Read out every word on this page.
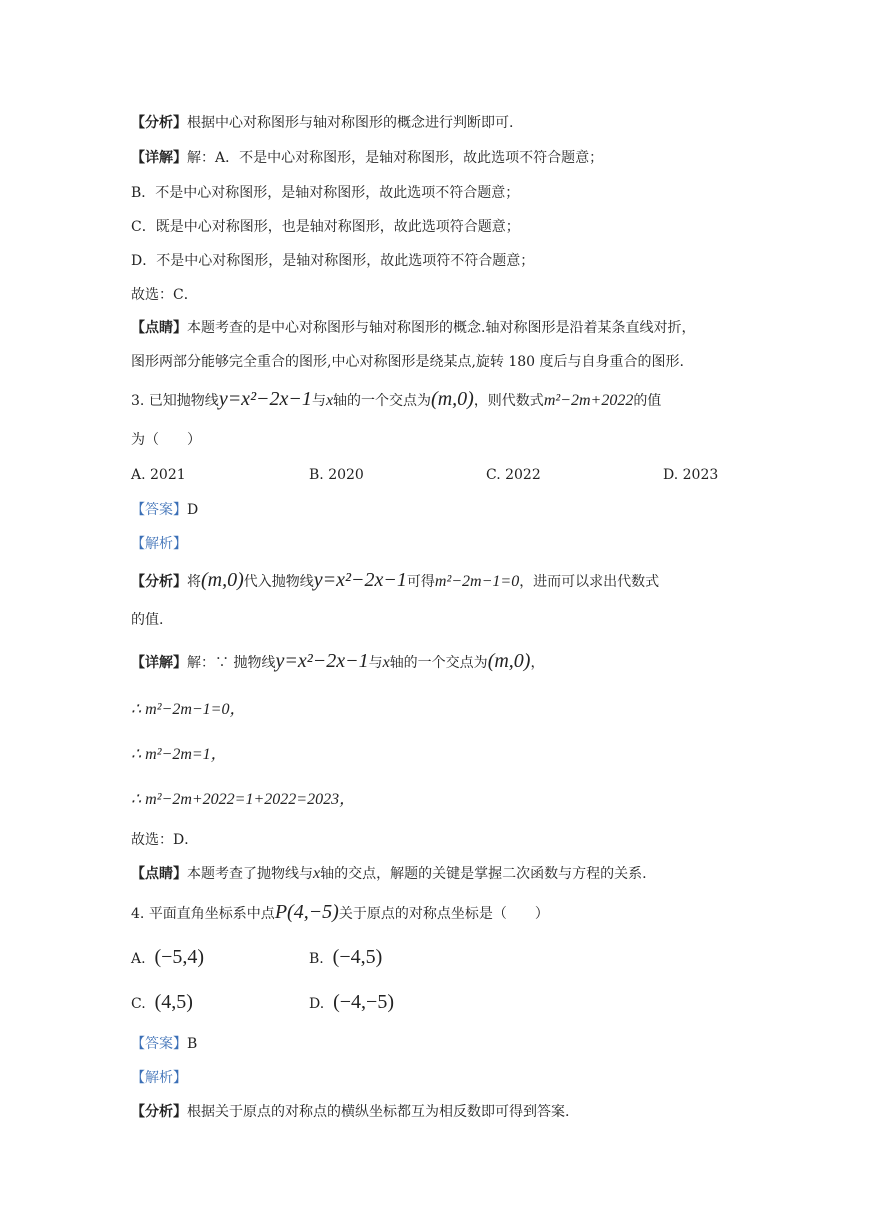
【分析】根据中心对称图形与轴对称图形的概念进行判断即可.
【详解】解：A．不是中心对称图形，是轴对称图形，故此选项不符合题意；
B．不是中心对称图形，是轴对称图形，故此选项不符合题意；
C．既是中心对称图形，也是轴对称图形，故此选项符合题意；
D．不是中心对称图形，是轴对称图形，故此选项符不符合题意；
故选：C．
【点睛】本题考查的是中心对称图形与轴对称图形的概念.轴对称图形是沿着某条直线对折，
图形两部分能够完全重合的图形,中心对称图形是绕某点,旋转 180 度后与自身重合的图形.
3. 已知抛物线y=x²−2x−1与x轴的一个交点为(m,0)，则代数式m²−2m+2022的值
为（　　）
A. 2021	B. 2020	C. 2022	D. 2023
【答案】D
【解析】
【分析】将(m,0)代入抛物线y=x²−2x−1可得m²−2m−1=0，进而可以求出代数式
的值.
【详解】解：∵ 抛物线y=x²−2x−1与x轴的一个交点为(m,0)，
∴ m²−2m−1=0，
∴ m²−2m=1，
∴ m²−2m+2022=1+2022=2023，
故选：D．
【点睛】本题考查了抛物线与x轴的交点，解题的关键是掌握二次函数与方程的关系.
4. 平面直角坐标系中点P(4,−5)关于原点的对称点坐标是（　　）
A. (−5,4)	B. (−4,5)
C. (4,5)	D. (−4,−5)
【答案】B
【解析】
【分析】根据关于原点的对称点的横纵坐标都互为相反数即可得到答案.
